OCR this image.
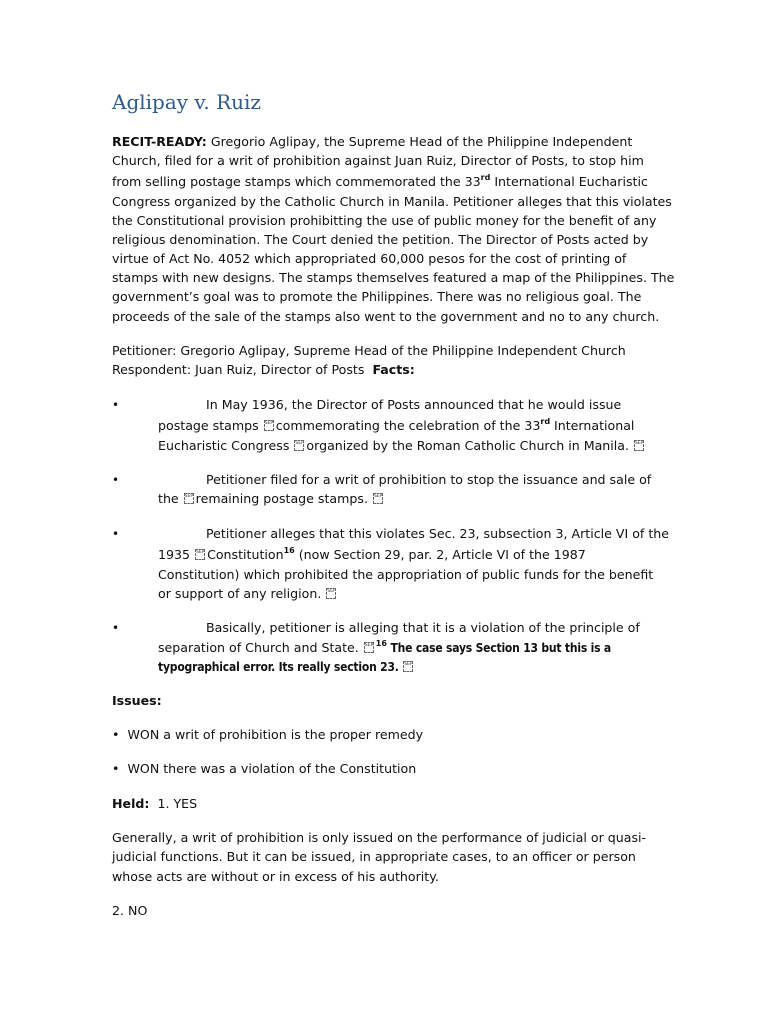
Aglipay v. Ruiz
RECIT-READY: Gregorio Aglipay, the Supreme Head of the Philippine Independent
Church, filed for a writ of prohibition against Juan Ruiz, Director of Posts, to stop him
from selling postage stamps which commemorated the 33rd International Eucharistic
Congress organized by the Catholic Church in Manila. Petitioner alleges that this violates
the Constitutional provision prohibitting the use of public money for the benefit of any
religious denomination. The Court denied the petition. The Director of Posts acted by
virtue of Act No. 4052 which appropriated 60,000 pesos for the cost of printing of
stamps with new designs. The stamps themselves featured a map of the Philippines. The
government’s goal was to promote the Philippines. There was no religious goal. The
proceeds of the sale of the stamps also went to the government and no to any church.
Petitioner: Gregorio Aglipay, Supreme Head of the Philippine Independent Church
Respondent: Juan Ruiz, Director of Posts Facts:
•	In May 1936, the Director of Posts announced that he would issue
postage stamps SEP commemorating the celebration of the 33rd International
Eucharistic Congress SEP organized by the Roman Catholic Church in Manila. SEP
•	Petitioner filed for a writ of prohibition to stop the issuance and sale of
the SEP remaining postage stamps. SEP
•	Petitioner alleges that this violates Sec. 23, subsection 3, Article VI of the
1935 SEP Constitution$^{16}$ (now Section 29, par. 2, Article VI of the 1987
Constitution) which prohibited the appropriation of public funds for the benefit
or support of any religion. SEP
•	Basically, petitioner is alleging that it is a violation of the principle of
separation of Church and State. SEP $^{16}$ The case says Section 13 but this is a
typographical error. Its really section 23. SEP
Issues:
• WON a writ of prohibition is the proper remedy
• WON there was a violation of the Constitution
Held:  1. YES
Generally, a writ of prohibition is only issued on the performance of judicial or quasi-
judicial functions. But it can be issued, in appropriate cases, to an officer or person
whose acts are without or in excess of his authority.
2. NO
